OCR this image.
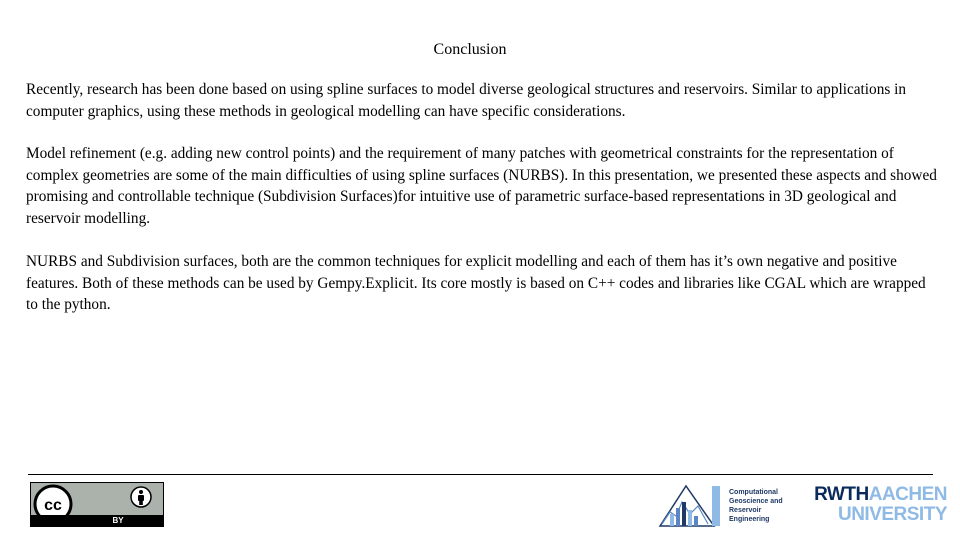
Conclusion

Recently, research has been done based on using spline surfaces to model diverse geological structures and reservoirs. Similar to applications in computer graphics, using these methods in geological modelling can have specific considerations.

Model refinement (e.g. adding new control points) and the requirement of many patches with geometrical constraints for the representation of complex geometries are some of the main difficulties of using spline surfaces (NURBS). In this presentation, we presented these aspects and showed promising and controllable technique (Subdivision Surfaces)for intuitive use of parametric surface-based representations in 3D geological and reservoir modelling.

NURBS and Subdivision surfaces, both are the common techniques for explicit modelling and each of them has it’s own negative and positive features. Both of these methods can be used by Gempy.Explicit. Its core mostly is based on C++ codes and libraries like CGAL which are wrapped to the python.

cc
BY
Computational
Geoscience and
Reservoir
Engineering
RWTHAACHEN
UNIVERSITY
